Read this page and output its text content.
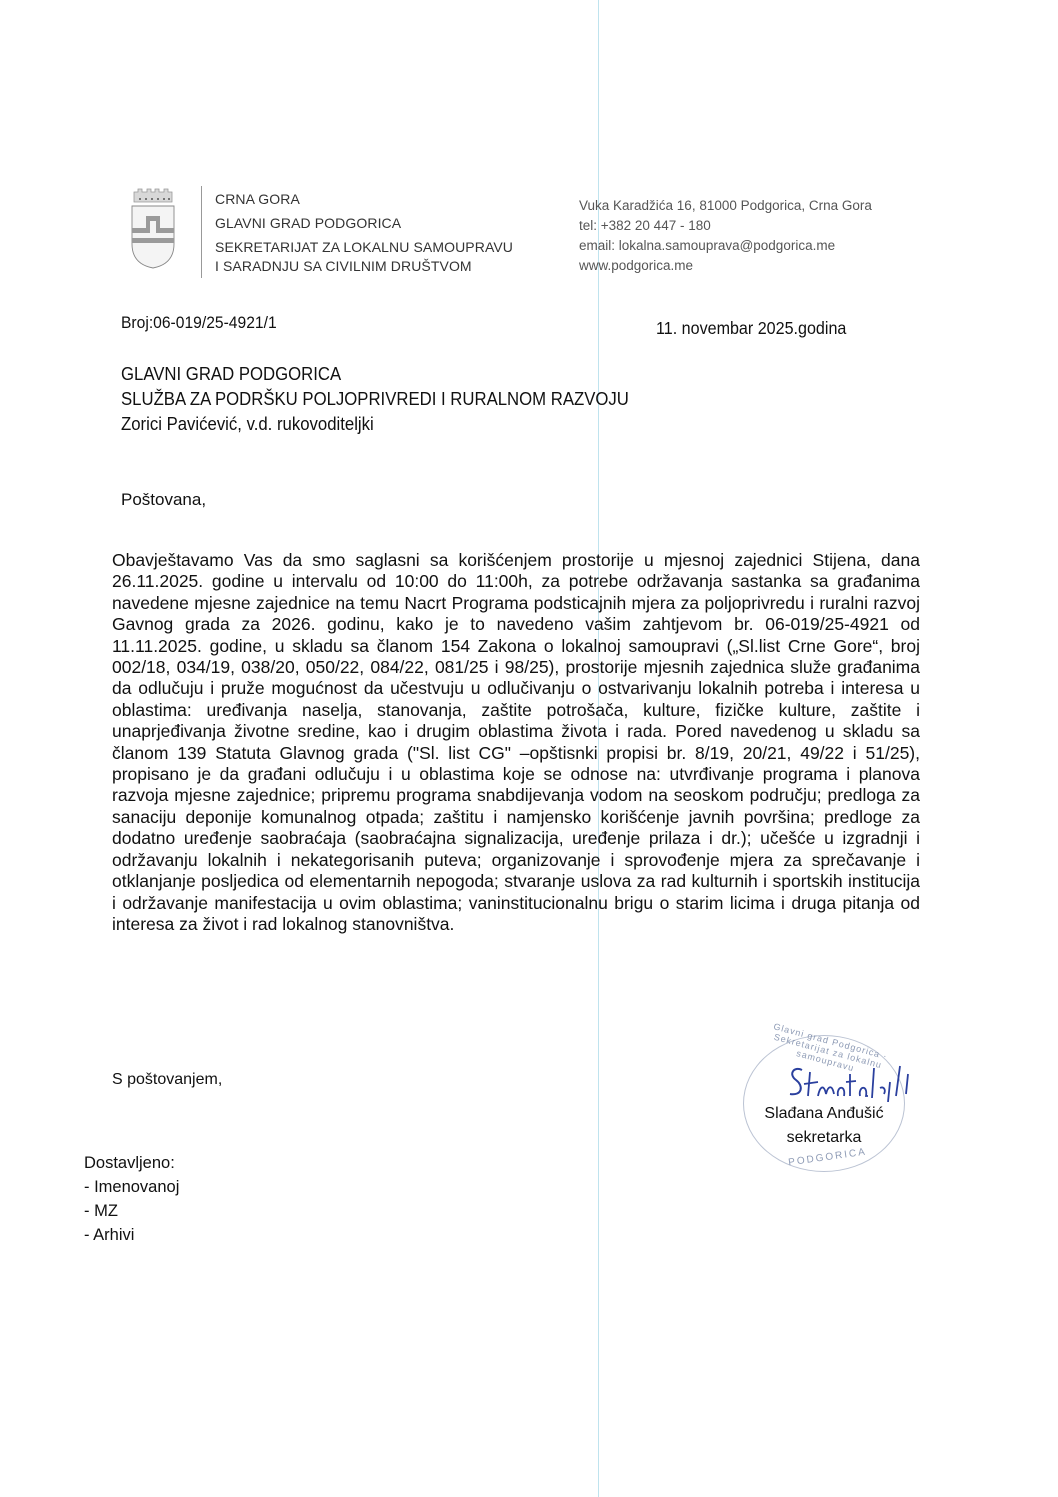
CRNA GORA
GLAVNI GRAD PODGORICA
SEKRETARIJAT ZA LOKALNU SAMOUPRAVU
I SARADNJU SA CIVILNIM DRUŠTVOM
Vuka Karadžića 16, 81000 Podgorica, Crna Gora
tel: +382 20 447 - 180
email: lokalna.samouprava@podgorica.me
www.podgorica.me
Broj:06-019/25-4921/1	11. novembar 2025.godina
GLAVNI GRAD PODGORICA
SLUŽBA ZA PODRŠKU POLJOPRIVREDI I RURALNOM RAZVOJU
Zorici Pavićević, v.d. rukovoditeljki
Poštovana,
Obavještavamo Vas da smo saglasni sa korišćenjem prostorije u mjesnoj zajednici Stijena, dana 26.11.2025. godine u intervalu od 10:00 do 11:00h, za potrebe održavanja sastanka sa građanima navedene mjesne zajednice na temu Nacrt Programa podsticajnih mjera za poljoprivredu i ruralni razvoj Gavnog grada za 2026. godinu, kako je to navedeno vašim zahtjevom br. 06-019/25-4921 od 11.11.2025. godine, u skladu sa članom 154 Zakona o lokalnoj samoupravi („Sl.list Crne Gore“, broj 002/18, 034/19, 038/20, 050/22, 084/22, 081/25 i 98/25), prostorije mjesnih zajednica služe građanima da odlučuju i pruže mogućnost da učestvuju u odlučivanju o ostvarivanju lokalnih potreba i interesa u oblastima: uređivanja naselja, stanovanja, zaštite potrošača, kulture, fizičke kulture, zaštite i unaprjeđivanja životne sredine, kao i drugim oblastima života i rada. Pored navedenog u skladu sa članom 139 Statuta Glavnog grada ("Sl. list CG" –opštisnki propisi br. 8/19, 20/21, 49/22 i 51/25), propisano je da građani odlučuju i u oblastima koje se odnose na: utvrđivanje programa i planova razvoja mjesne zajednice; pripremu programa snabdijevanja vodom na seoskom području; predloga za sanaciju deponije komunalnog otpada; zaštitu i namjensko korišćenje javnih površina; predloge za dodatno uređenje saobraćaja (saobraćajna signalizacija, uređenje prilaza i dr.); učešće u izgradnji i održavanju lokalnih i nekategorisanih puteva; organizovanje i sprovođenje mjera za sprečavanje i otklanjanje posljedica od elementarnih nepogoda; stvaranje uslova za rad kulturnih i sportskih institucija i održavanje manifestacija u ovim oblastima; vaninstitucionalnu brigu o starim licima i druga pitanja od interesa za život i rad lokalnog stanovništva.
S poštovanjem,
Glavni grad Podgorica · Sekretarijat za lokalnu samoupravu
PODGORICA
Slađana Anđušić
sekretarka
Dostavljeno:
- Imenovanoj
- MZ
- Arhivi
